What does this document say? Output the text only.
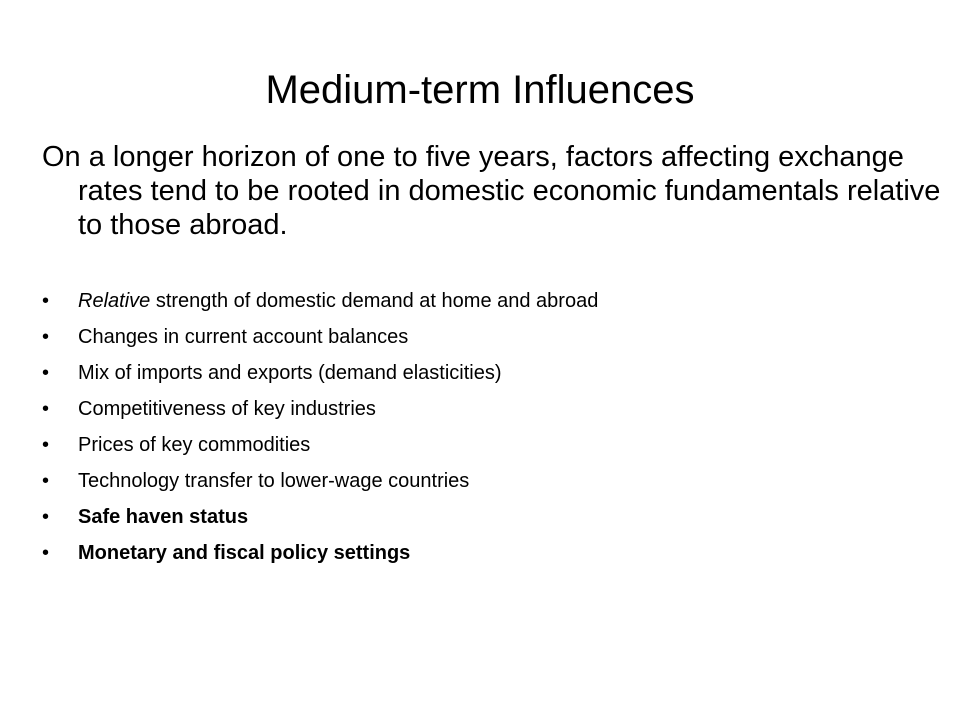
Medium-term Influences

On a longer horizon of one to five years, factors affecting exchange rates tend to be rooted in domestic economic fundamentals relative to those abroad.

•	Relative strength of domestic demand at home and abroad
•	Changes in current account balances
•	Mix of imports and exports (demand elasticities)
•	Competitiveness of key industries
•	Prices of key commodities
•	Technology transfer to lower-wage countries
•	Safe haven status
•	Monetary and fiscal policy settings
